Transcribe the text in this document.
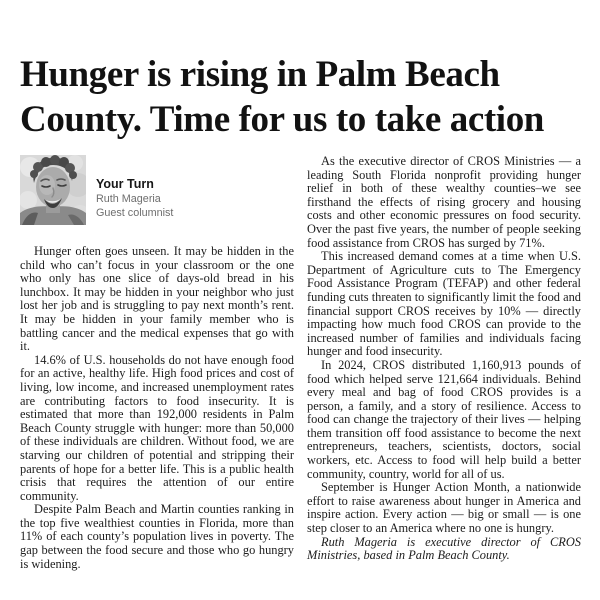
Hunger is rising in Palm Beach County. Time for us to take action
Your Turn
Ruth Mageria
Guest columnist

Hunger often goes unseen. It may be hidden in the child who can’t focus in your classroom or the one who only has one slice of days-old bread in his lunchbox. It may be hidden in your neighbor who just lost her job and is struggling to pay next month’s rent. It may be hidden in your family member who is battling cancer and the medical expenses that go with it.

14.6% of U.S. households do not have enough food for an active, healthy life. High food prices and cost of living, low income, and increased unemployment rates are contributing factors to food insecurity. It is estimated that more than 192,000 residents in Palm Beach County struggle with hunger: more than 50,000 of these individuals are children. Without food, we are starving our children of potential and stripping their parents of hope for a better life. This is a public health crisis that requires the attention of our entire community.

Despite Palm Beach and Martin counties ranking in the top five wealthiest counties in Florida, more than 11% of each county’s population lives in poverty. The gap between the food secure and those who go hungry is widening.

As the executive director of CROS Ministries — a leading South Florida nonprofit providing hunger relief in both of these wealthy counties–we see firsthand the effects of rising grocery and housing costs and other economic pressures on food security. Over the past five years, the number of people seeking food assistance from CROS has surged by 71%.

This increased demand comes at a time when U.S. Department of Agriculture cuts to The Emergency Food Assistance Program (TEFAP) and other federal funding cuts threaten to significantly limit the food and financial support CROS receives by 10% — directly impacting how much food CROS can provide to the increased number of families and individuals facing hunger and food insecurity.

In 2024, CROS distributed 1,160,913 pounds of food which helped serve 121,664 individuals. Behind every meal and bag of food CROS provides is a person, a family, and a story of resilience. Access to food can change the trajectory of their lives — helping them transition off food assistance to become the next entrepreneurs, teachers, scientists, doctors, social workers, etc. Access to food will help build a better community, country, world for all of us.

September is Hunger Action Month, a nationwide effort to raise awareness about hunger in America and inspire action. Every action — big or small — is one step closer to an America where no one is hungry.

Ruth Mageria is executive director of CROS Ministries, based in Palm Beach County.
